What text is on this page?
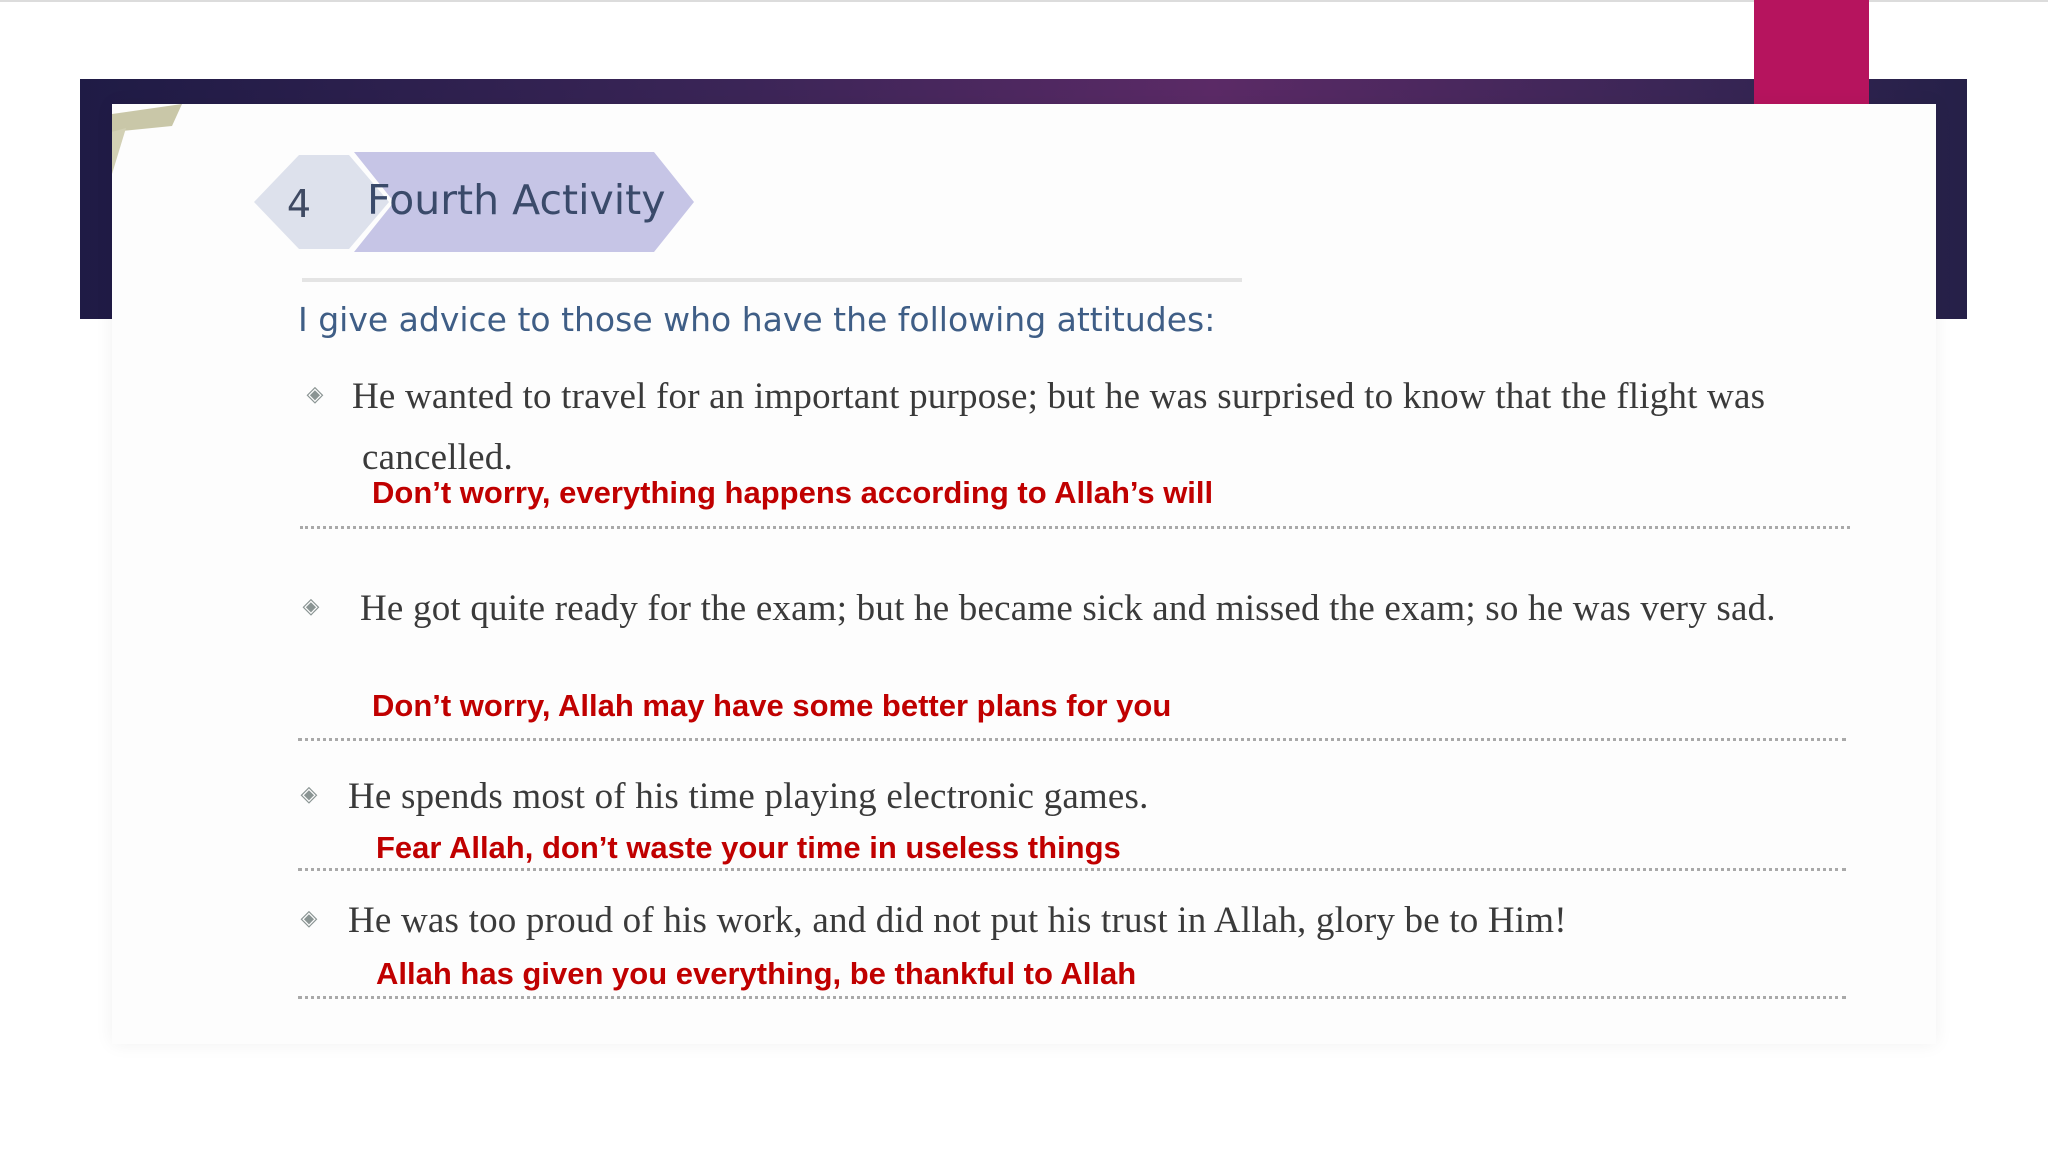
4	Fourth Activity
I give advice to those who have the following attitudes:
◈ He wanted to travel for an important purpose; but he was surprised to know that the flight was cancelled.
Don’t worry, everything happens according to Allah’s will
◈ He got quite ready for the exam; but he became sick and missed the exam; so he was very sad.
Don’t worry, Allah may have some better plans for you
◈ He spends most of his time playing electronic games.
Fear Allah, don’t waste your time in useless things
◈ He was too proud of his work, and did not put his trust in Allah, glory be to Him!
Allah has given you everything, be thankful to Allah
